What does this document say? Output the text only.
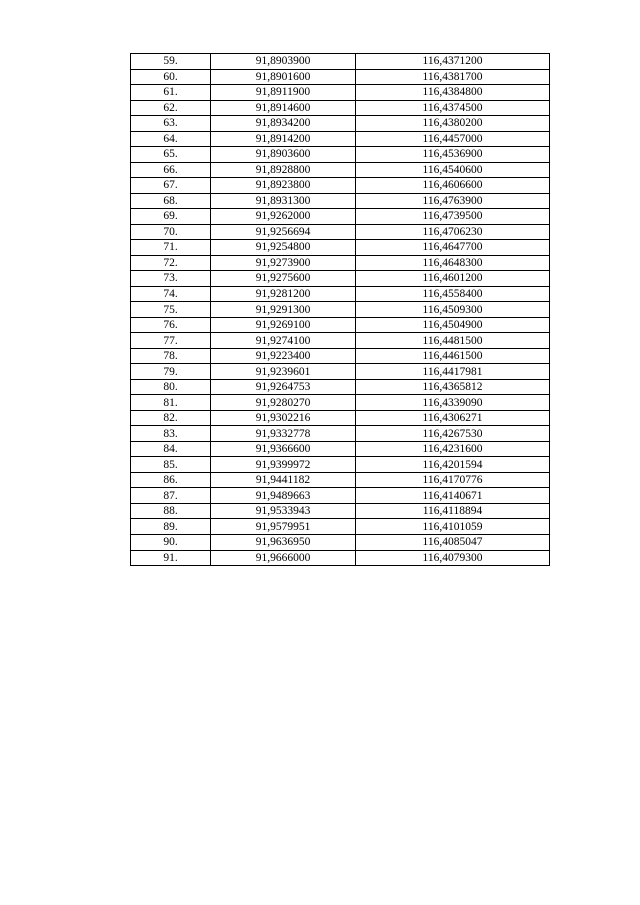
59.	91,8903900	116,4371200
60.	91,8901600	116,4381700
61.	91,8911900	116,4384800
62.	91,8914600	116,4374500
63.	91,8934200	116,4380200
64.	91,8914200	116,4457000
65.	91,8903600	116,4536900
66.	91,8928800	116,4540600
67.	91,8923800	116,4606600
68.	91,8931300	116,4763900
69.	91,9262000	116,4739500
70.	91,9256694	116,4706230
71.	91,9254800	116,4647700
72.	91,9273900	116,4648300
73.	91,9275600	116,4601200
74.	91,9281200	116,4558400
75.	91,9291300	116,4509300
76.	91,9269100	116,4504900
77.	91,9274100	116,4481500
78.	91,9223400	116,4461500
79.	91,9239601	116,4417981
80.	91,9264753	116,4365812
81.	91,9280270	116,4339090
82.	91,9302216	116,4306271
83.	91,9332778	116,4267530
84.	91,9366600	116,4231600
85.	91,9399972	116,4201594
86.	91,9441182	116,4170776
87.	91,9489663	116,4140671
88.	91,9533943	116,4118894
89.	91,9579951	116,4101059
90.	91,9636950	116,4085047
91.	91,9666000	116,4079300
